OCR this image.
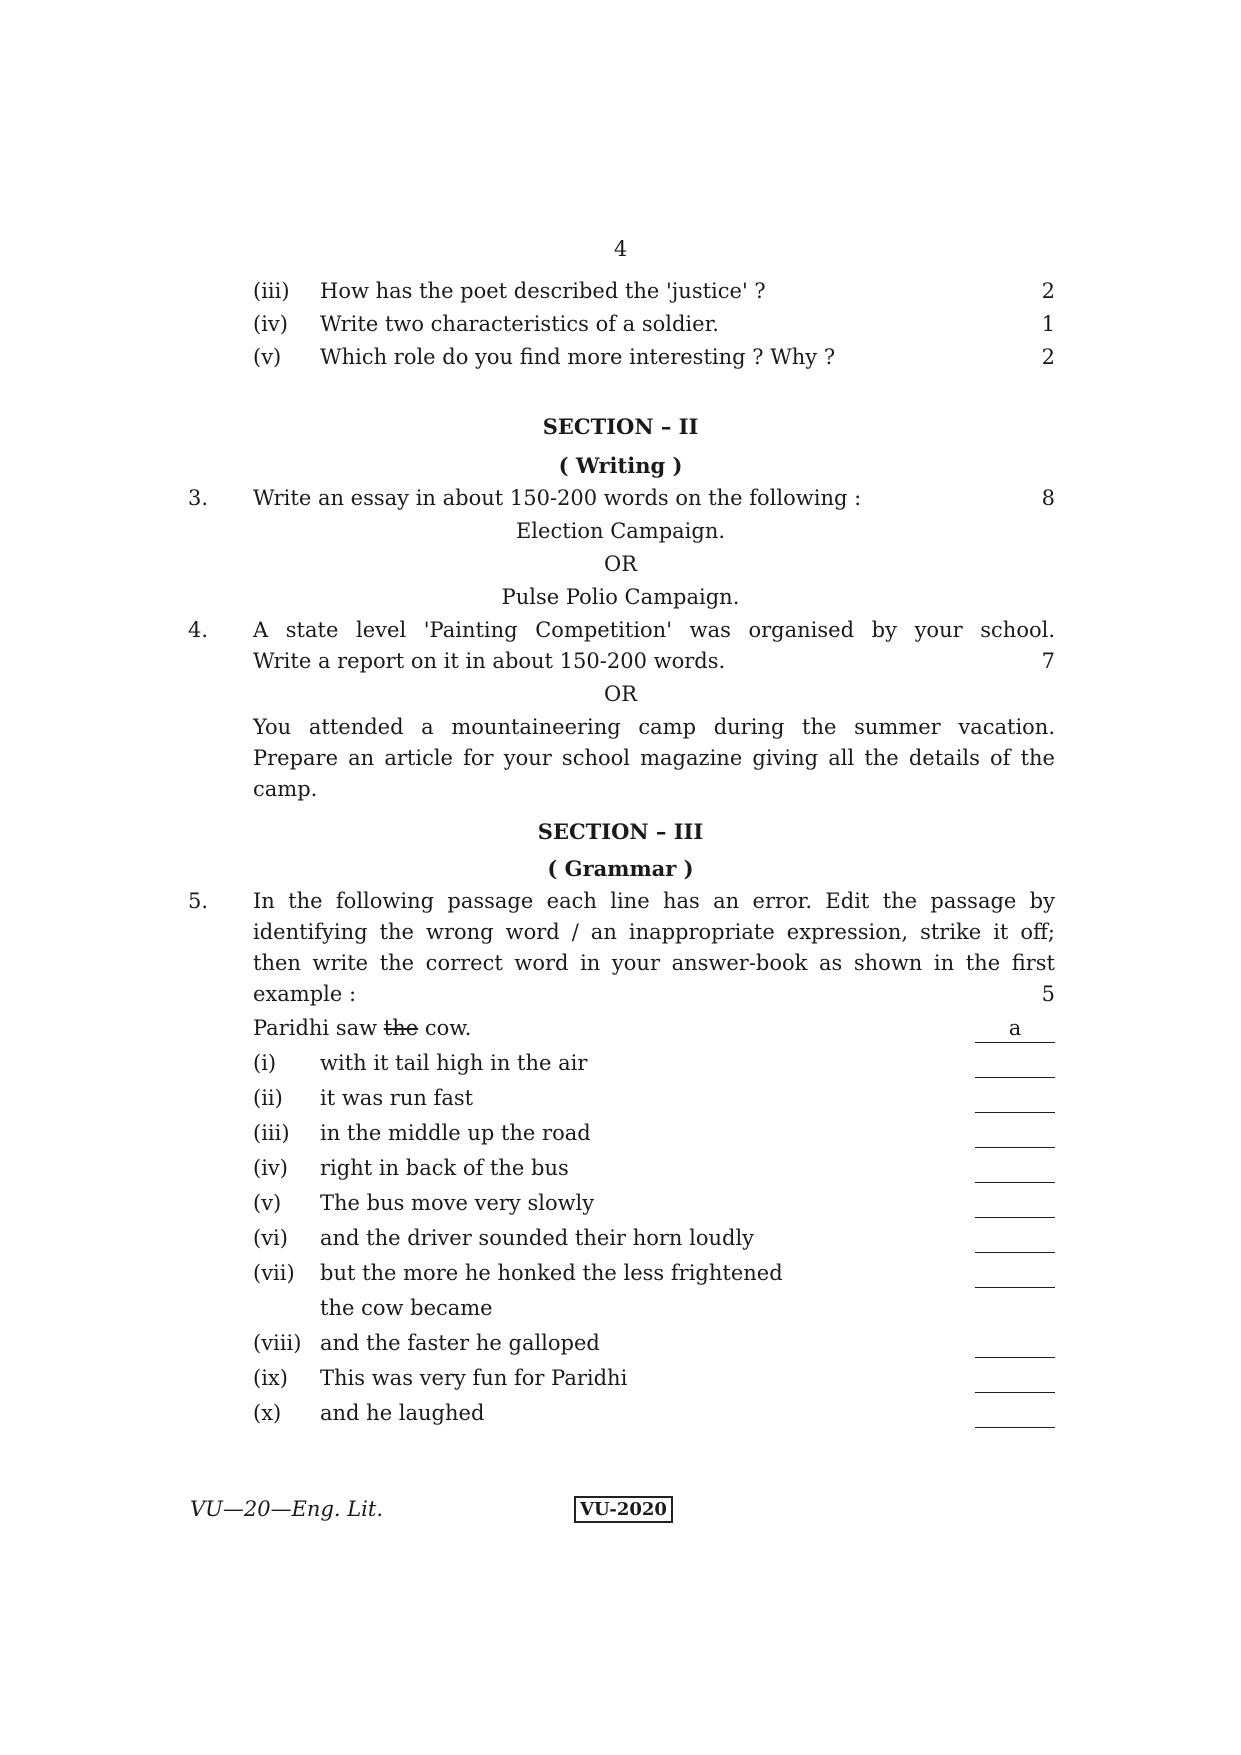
4
(iii) How has the poet described the 'justice' ?	2
(iv) Write two characteristics of a soldier.	1
(v) Which role do you find more interesting ? Why ?	2
SECTION – II
( Writing )
3. Write an essay in about 150-200 words on the following :	8
Election Campaign.
OR
Pulse Polio Campaign.
4. A state level 'Painting Competition' was organised by your school.
Write a report on it in about 150-200 words.	7
OR
You attended a mountaineering camp during the summer vacation.
Prepare an article for your school magazine giving all the details of the
camp.
SECTION – III
( Grammar )
5. In the following passage each line has an error. Edit the passage by
identifying the wrong word / an inappropriate expression, strike it off;
then write the correct word in your answer-book as shown in the first
example :	5
Paridhi saw the cow.	a
(i) with it tail high in the air
(ii) it was run fast
(iii) in the middle up the road
(iv) right in back of the bus
(v) The bus move very slowly
(vi) and the driver sounded their horn loudly
(vii) but the more he honked the less frightened
the cow became
(viii) and the faster he galloped
(ix) This was very fun for Paridhi
(x) and he laughed
VU—20—Eng. Lit.	VU-2020
